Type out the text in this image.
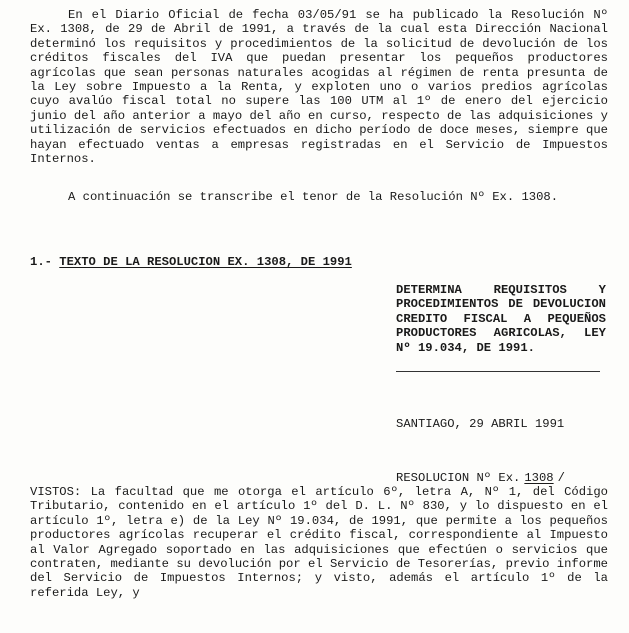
En el Diario Oficial de fecha 03/05/91 se ha publicado la Resolución Nº Ex. 1308, de 29 de Abril de 1991, a través de la cual esta Dirección Nacional determinó los requisitos y procedimientos de la solicitud de devolución de los créditos fiscales del IVA que puedan presentar los pequeños productores agrícolas que sean personas naturales acogidas al régimen de renta presunta de la Ley sobre Impuesto a la Renta, y exploten uno o varios predios agrícolas cuyo avalúo fiscal total no supere las 100 UTM al 1º de enero del ejercicio junio del año anterior a mayo del año en curso, respecto de las adquisiciones y utilización de servicios efectuados en dicho período de doce meses, siempre que hayan efectuado ventas a empresas registradas en el Servicio de Impuestos Internos.
A continuación se transcribe el tenor de la Resolución Nº Ex. 1308.
1.- TEXTO DE LA RESOLUCION EX. 1308, DE 1991
DETERMINA REQUISITOS Y PROCEDIMIENTOS DE DEVOLUCION CREDITO FISCAL A PEQUEÑOS PRODUCTORES AGRICOLAS, LEY Nº 19.034, DE 1991.
SANTIAGO, 29 ABRIL 1991
RESOLUCION Nº Ex. 1308 /
VISTOS: La facultad que me otorga el artículo 6º, letra A, Nº 1, del Código Tributario, contenido en el artículo 1º del D. L. Nº 830, y lo dispuesto en el artículo 1º, letra e) de la Ley Nº 19.034, de 1991, que permite a los pequeños productores agrícolas recuperar el crédito fiscal, correspondiente al Impuesto al Valor Agregado soportado en las adquisiciones que efectúen o servicios que contraten, mediante su devolución por el Servicio de Tesorerías, previo informe del Servicio de Impuestos Internos; y visto, además el artículo 1º de la referida Ley, y
